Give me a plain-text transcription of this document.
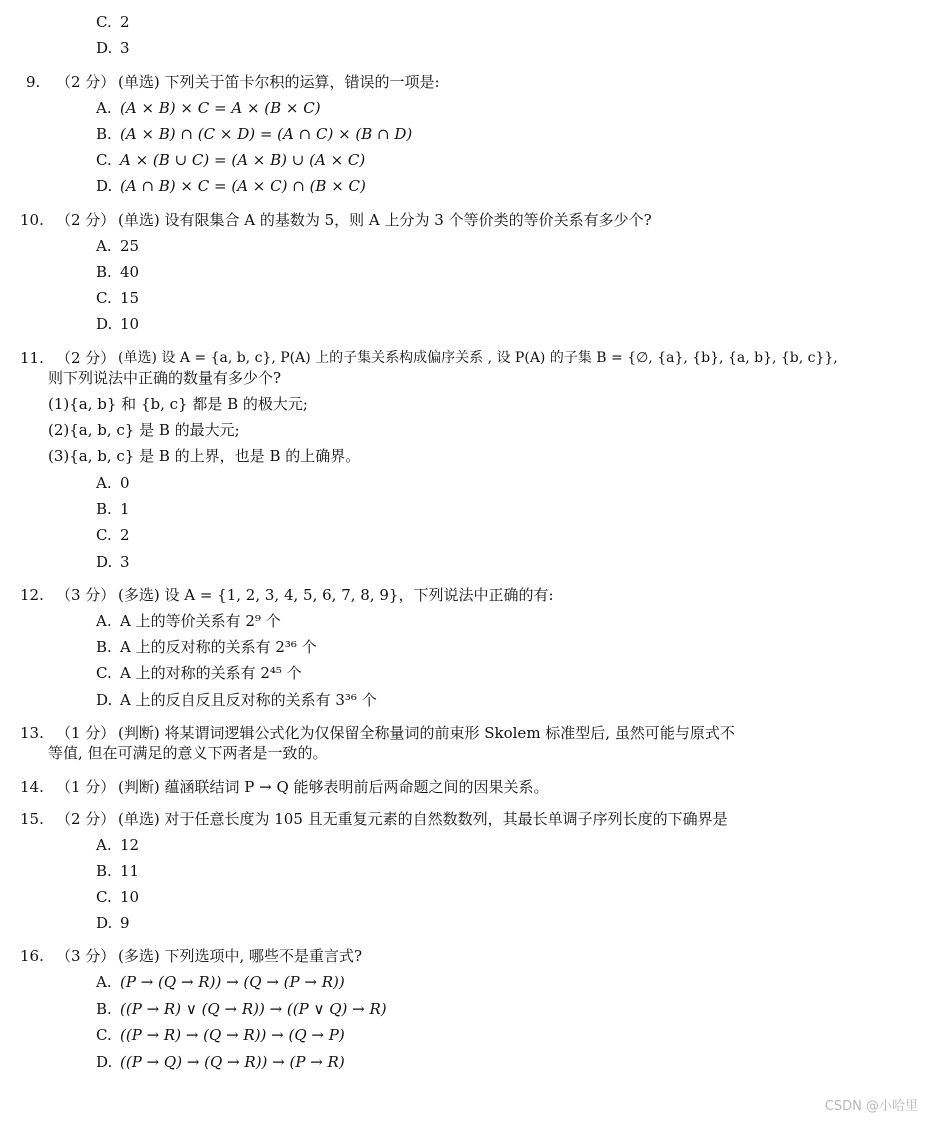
C. 2
D. 3
9. （2 分） (单选) 下列关于笛卡尔积的运算，错误的一项是:
A. (A × B) × C = A × (B × C)
B. (A × B) ∩ (C × D) = (A ∩ C) × (B ∩ D)
C. A × (B ∪ C) = (A × B) ∪ (A × C)
D. (A ∩ B) × C = (A × C) ∩ (B × C)
10. （2 分） (单选) 设有限集合 A 的基数为 5，则 A 上分为 3 个等价类的等价关系有多少个?
A. 25
B. 40
C. 15
D. 10
11. （2 分） (单选) 设 A = {a, b, c}, P(A) 上的子集关系构成偏序关系 , 设 P(A) 的子集 B = {∅, {a}, {b}, {a, b}, {b, c}},
则下列说法中正确的数量有多少个?
(1){a, b} 和 {b, c} 都是 B 的极大元;
(2){a, b, c} 是 B 的最大元;
(3){a, b, c} 是 B 的上界，也是 B 的上确界。
A. 0
B. 1
C. 2
D. 3
12. （3 分） (多选) 设 A = {1, 2, 3, 4, 5, 6, 7, 8, 9}，下列说法中正确的有:
A. A 上的等价关系有 2⁹ 个
B. A 上的反对称的关系有 2³⁶ 个
C. A 上的对称的关系有 2⁴⁵ 个
D. A 上的反自反且反对称的关系有 3³⁶ 个
13. （1 分） (判断) 将某谓词逻辑公式化为仅保留全称量词的前束形 Skolem 标准型后, 虽然可能与原式不
等值, 但在可满足的意义下两者是一致的。
14. （1 分） (判断) 蕴涵联结词 P → Q 能够表明前后两命题之间的因果关系。
15. （2 分） (单选) 对于任意长度为 105 且无重复元素的自然数数列，其最长单调子序列长度的下确界是
A. 12
B. 11
C. 10
D. 9
16. （3 分） (多选) 下列选项中, 哪些不是重言式?
A. (P → (Q → R)) → (Q → (P → R))
B. ((P → R) ∨ (Q → R)) → ((P ∨ Q) → R)
C. ((P → R) → (Q → R)) → (Q → P)
D. ((P → Q) → (Q → R)) → (P → R)
CSDN @小哈里
